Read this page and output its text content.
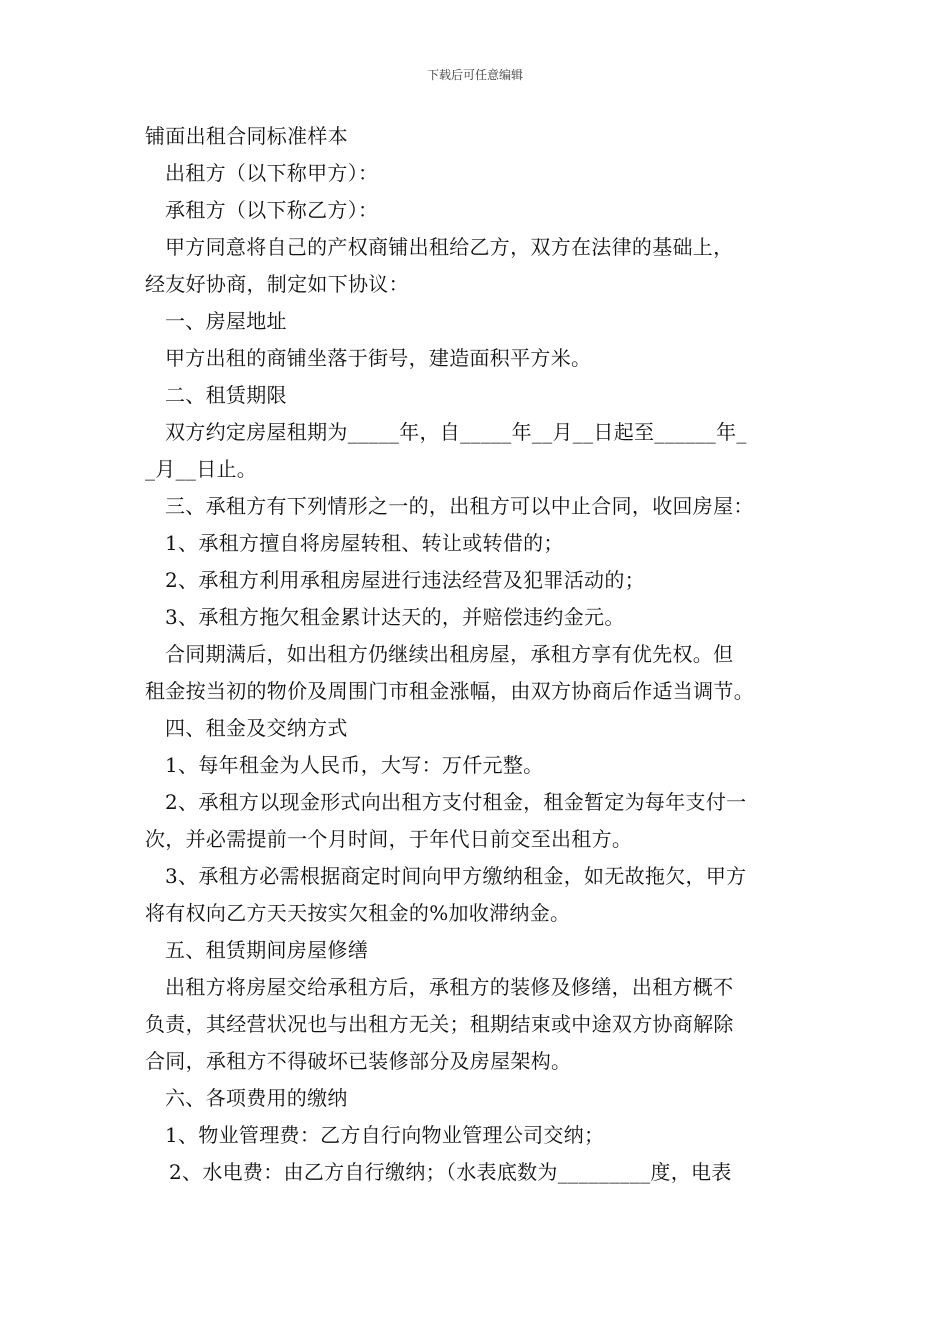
下载后可任意编辑
铺面出租合同标准样本
出租方（以下称甲方）：
承租方（以下称乙方）：
甲方同意将自己的产权商铺出租给乙方，双方在法律的基础上，
经友好协商，制定如下协议：
一、房屋地址
甲方出租的商铺坐落于街号，建造面积平方米。
二、租赁期限
双方约定房屋租期为_____年，自_____年__月__日起至______年_
_月__日止。
三、承租方有下列情形之一的，出租方可以中止合同，收回房屋：
1、承租方擅自将房屋转租、转让或转借的；
2、承租方利用承租房屋进行违法经营及犯罪活动的；
3、承租方拖欠租金累计达天的，并赔偿违约金元。
合同期满后，如出租方仍继续出租房屋，承租方享有优先权。但
租金按当初的物价及周围门市租金涨幅，由双方协商后作适当调节。
四、租金及交纳方式
1、每年租金为人民币，大写：万仟元整。
2、承租方以现金形式向出租方支付租金，租金暂定为每年支付一
次，并必需提前一个月时间，于年代日前交至出租方。
3、承租方必需根据商定时间向甲方缴纳租金，如无故拖欠，甲方
将有权向乙方天天按实欠租金的%加收滞纳金。
五、租赁期间房屋修缮
出租方将房屋交给承租方后，承租方的装修及修缮，出租方概不
负责，其经营状况也与出租方无关；租期结束或中途双方协商解除
合同，承租方不得破坏已装修部分及房屋架构。
六、各项费用的缴纳
1、物业管理费：乙方自行向物业管理公司交纳；
2、水电费：由乙方自行缴纳；（水表底数为_________度，电表
